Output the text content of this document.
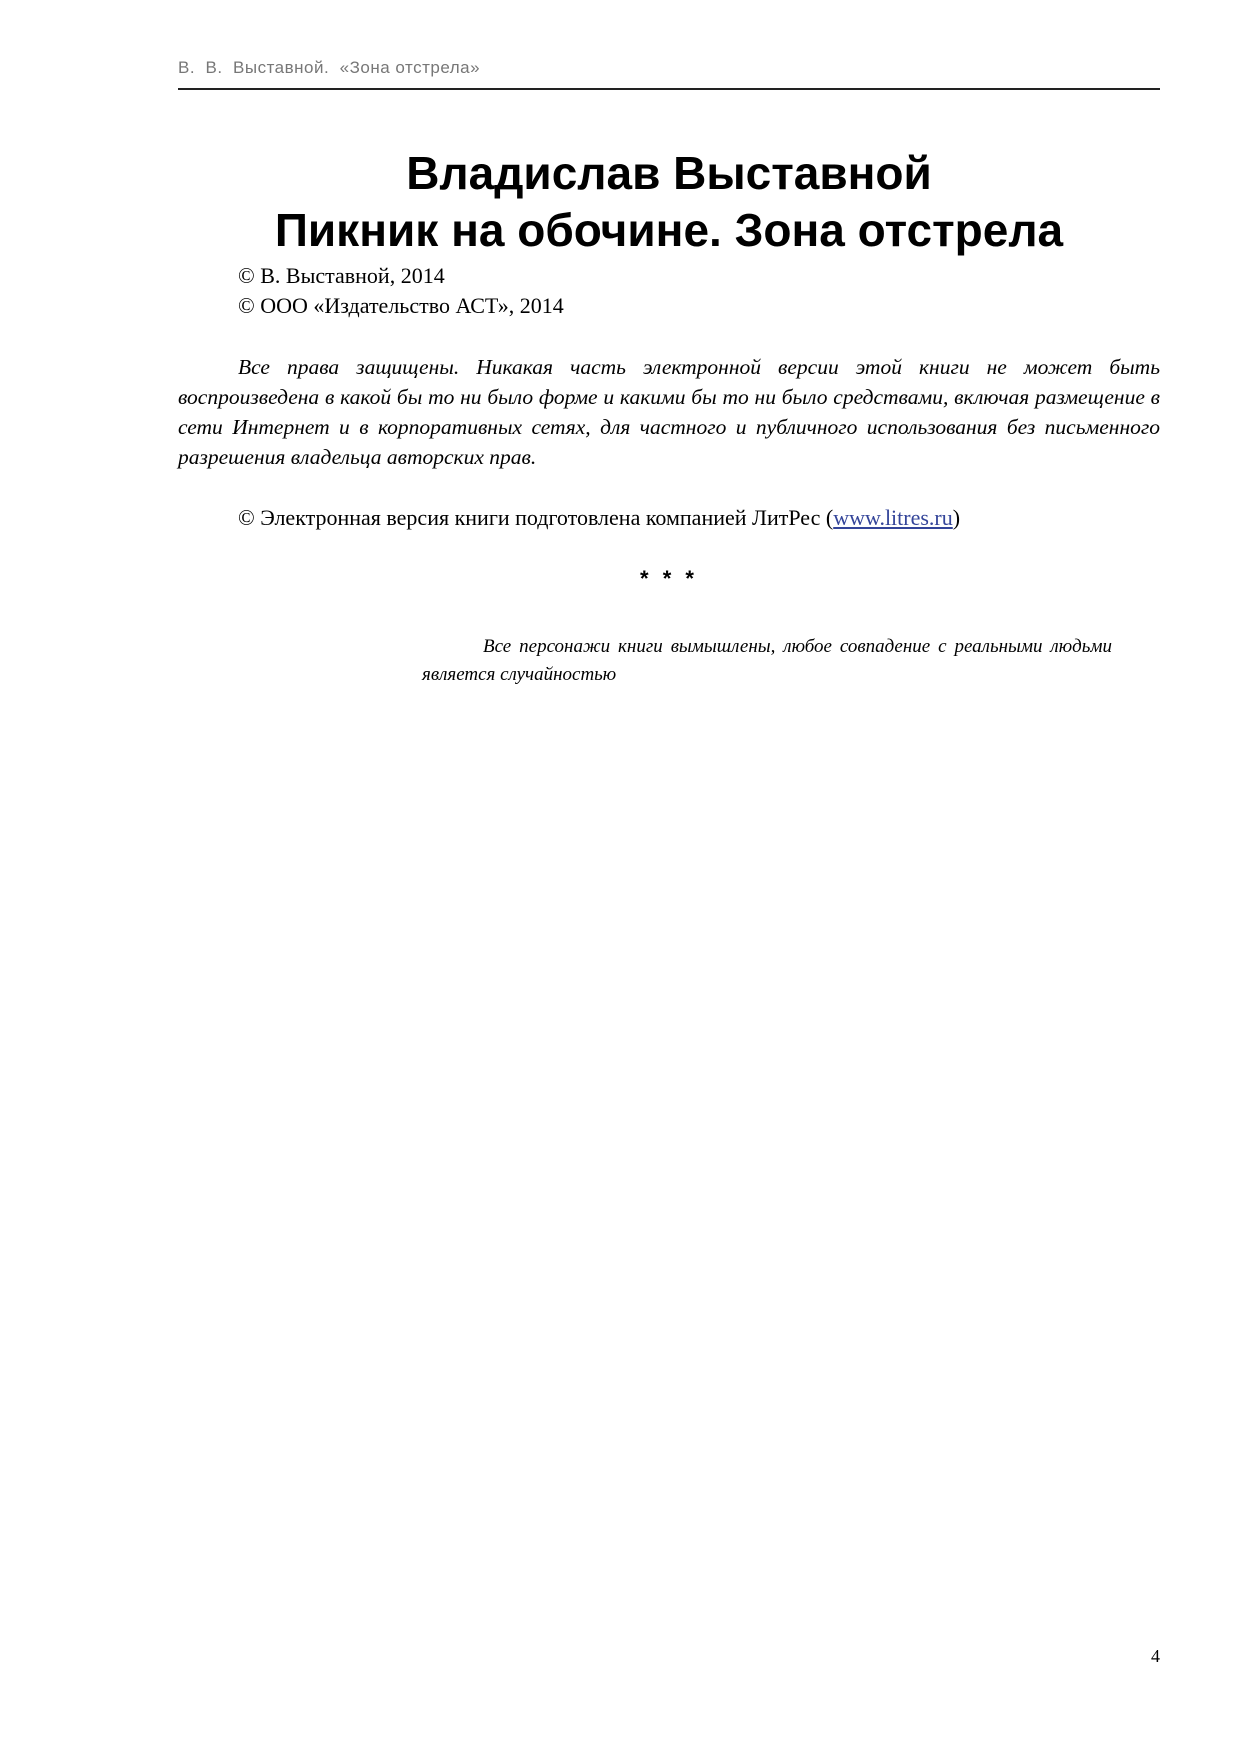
В.  В.  Выставной.  «Зона отстрела»
Владислав Выставной
Пикник на обочине. Зона отстрела
© В. Выставной, 2014
© ООО «Издательство АСТ», 2014
Все права защищены. Никакая часть электронной версии этой книги не может быть воспроизведена в какой бы то ни было форме и какими бы то ни было средствами, включая размещение в сети Интернет и в корпоративных сетях, для частного и публичного использования без письменного разрешения владельца авторских прав.
© Электронная версия книги подготовлена компанией ЛитРес (www.litres.ru)
* * *
Все персонажи книги вымышлены, любое совпадение с реальными людьми является случайностью
4
